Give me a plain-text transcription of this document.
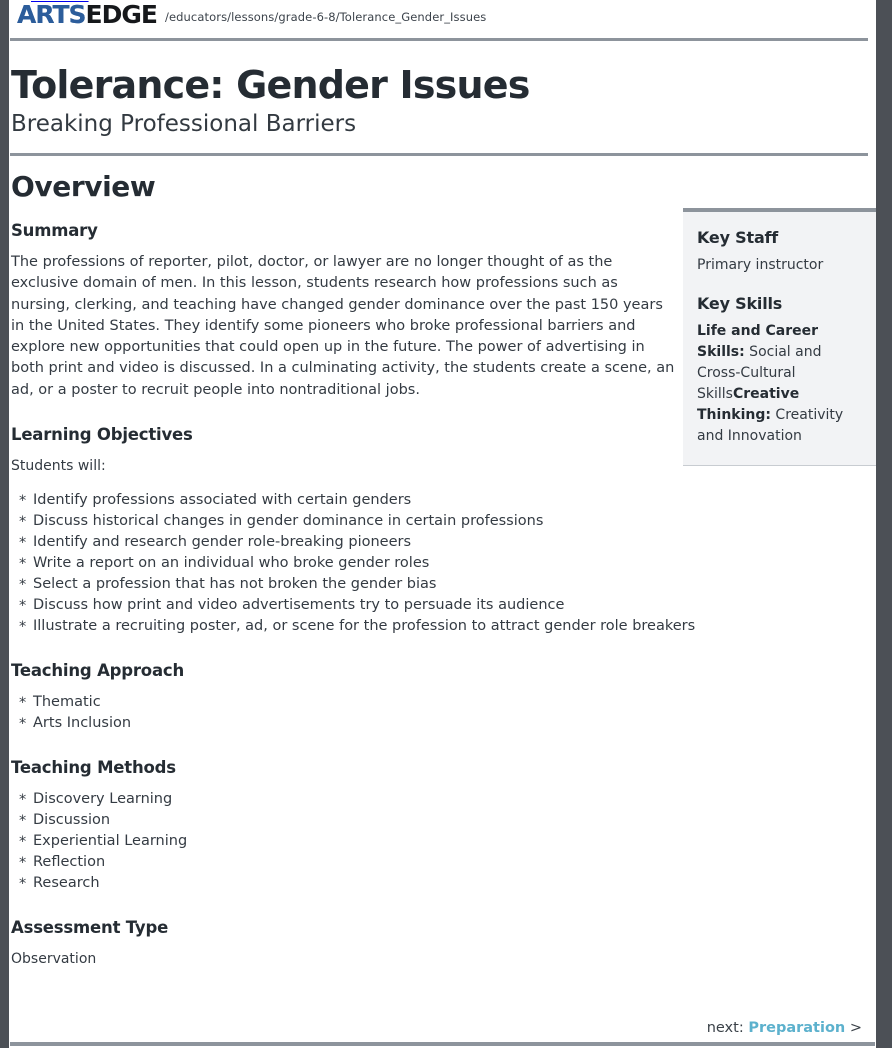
ARTSEDGE /educators/lessons/grade-6-8/Tolerance_Gender_Issues
Tolerance: Gender Issues
Breaking Professional Barriers
Overview
Summary

The professions of reporter, pilot, doctor, or lawyer are no longer thought of as the exclusive domain of men. In this lesson, students research how professions such as nursing, clerking, and teaching have changed gender dominance over the past 150 years in the United States. They identify some pioneers who broke professional barriers and explore new opportunities that could open up in the future. The power of advertising in both print and video is discussed. In a culminating activity, the students create a scene, an ad, or a poster to recruit people into nontraditional jobs.

Learning Objectives

Students will:

* Identify professions associated with certain genders
* Discuss historical changes in gender dominance in certain professions
* Identify and research gender role-breaking pioneers
* Write a report on an individual who broke gender roles
* Select a profession that has not broken the gender bias
* Discuss how print and video advertisements try to persuade its audience
* Illustrate a recruiting poster, ad, or scene for the profession to attract gender role breakers
Teaching Approach
* Thematic
* Arts Inclusion
Teaching Methods
* Discovery Learning
* Discussion
* Experiential Learning
* Reflection
* Research
Assessment Type

Observation

Key Staff

Primary instructor

Key Skills

Life and Career Skills: Social and Cross-Cultural SkillsCreative Thinking: Creativity and Innovation

next: Preparation >
